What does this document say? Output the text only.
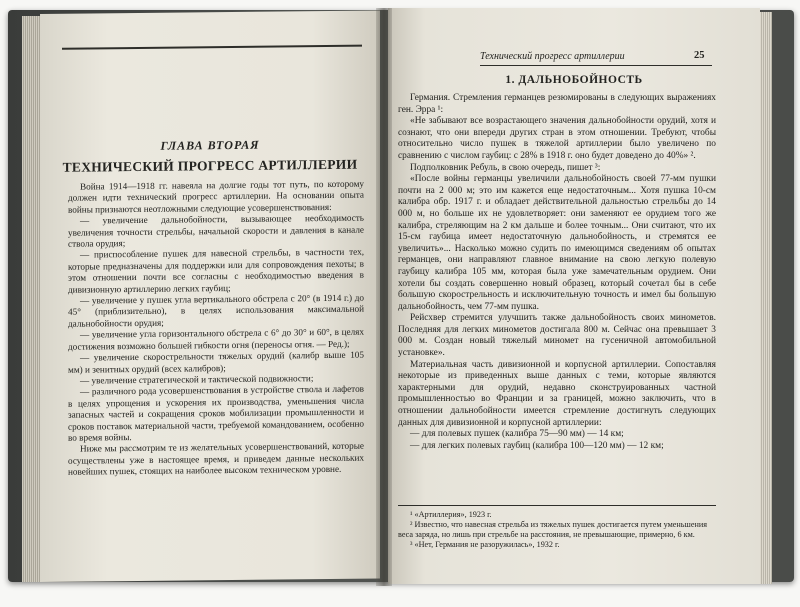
ГЛАВА ВТОРАЯ
ТЕХНИЧЕСКИЙ ПРОГРЕСС АРТИЛЛЕРИИ

Война 1914—1918 гг. навеяла на долгие годы тот путь, по которому должен идти технический прогресс артиллерии. На основании опыта войны признаются неотложными следующие усовершенствования:

— увеличение дальнобойности, вызывающее необходимость увеличения точности стрельбы, начальной скорости и давления в канале ствола орудия;

— приспособление пушек для навесной стрельбы, в частности тех, которые предназначены для поддержки или для сопровождения пехоты; в этом отношении почти все согласны с необходимостью введения в дивизионную артиллерию легких гаубиц;

— увеличение у пушек угла вертикального обстрела с 20° (в 1914 г.) до 45° (приблизительно), в целях использования максимальной дальнобойности орудия;

— увеличение угла горизонтального обстрела с 6° до 30° и 60°, в целях достижения возможно большей гибкости огня (переносы огня. — Ред.);

— увеличение скорострельности тяжелых орудий (калибр выше 105 мм) и зенитных орудий (всех калибров);

— увеличение стратегической и тактической подвижности;

— различного рода усовершенствования в устройстве ствола и лафетов в целях упрощения и ускорения их производства, уменьшения числа запасных частей и сокращения сроков мобилизации промышленности и сроков поставок материальной части, требуемой командованием, особенно во время войны.

Ниже мы рассмотрим те из желательных усовершенствований, которые осуществлены уже в настоящее время, и приведем данные нескольких новейших пушек, стоящих на наиболее высоком техническом уровне.

Технический прогресс артиллерии	25
1. ДАЛЬНОБОЙНОСТЬ

Германия. Стремления германцев резюмированы в следующих выражениях ген. Эрра ¹:

«Не забывают все возрастающего значения дальнобойности орудий, хотя и сознают, что они впереди других стран в этом отношении. Требуют, чтобы относительно число пушек в тяжелой артиллерии было увеличено по сравнению с числом гаубиц: с 28% в 1918 г. оно будет доведено до 40%» ².

Подполковник Ребуль, в свою очередь, пишет ³:

«После войны германцы увеличили дальнобойность своей 77-мм пушки почти на 2 000 м; это им кажется еще недостаточным... Хотя пушка 10-см калибра обр. 1917 г. и обладает действительной дальностью стрельбы до 14 000 м, но больше их не удовлетворяет: они заменяют ее орудием того же калибра, стреляющим на 2 км дальше и более точным... Они считают, что их 15-см гаубица имеет недостаточную дальнобойность, и стремятся ее увеличить»... Насколько можно судить по имеющимся сведениям об опытах германцев, они направляют главное внимание на свою легкую полевую гаубицу калибра 105 мм, которая была уже замечательным орудием. Они хотели бы создать совершенно новый образец, который сочетал бы в себе большую скорострельность и исключительную точность и имел бы большую дальнобойность, чем 77-мм пушка.

Рейсхвер стремится улучшить также дальнобойность своих минометов. Последняя для легких минометов достигала 800 м. Сейчас она превышает 3 000 м. Создан новый тяжелый миномет на гусеничной автомобильной установке».

Материальная часть дивизионной и корпусной артиллерии. Сопоставляя некоторые из приведенных выше данных с теми, которые являются характерными для орудий, недавно сконструированных частной промышленностью во Франции и за границей, можно заключить, что в отношении дальнобойности имеется стремление достигнуть следующих данных для дивизионной и корпусной артиллерии:

— для полевых пушек (калибра 75—90 мм) — 14 км;

— для легких полевых гаубиц (калибра 100—120 мм) — 12 км;

¹ «Артиллерия», 1923 г.

² Известно, что навесная стрельба из тяжелых пушек достигается путем уменьшения веса заряда, но лишь при стрельбе на расстояния, не превышающие, примерно, 6 км.

³ «Нет, Германия не разоружилась», 1932 г.
